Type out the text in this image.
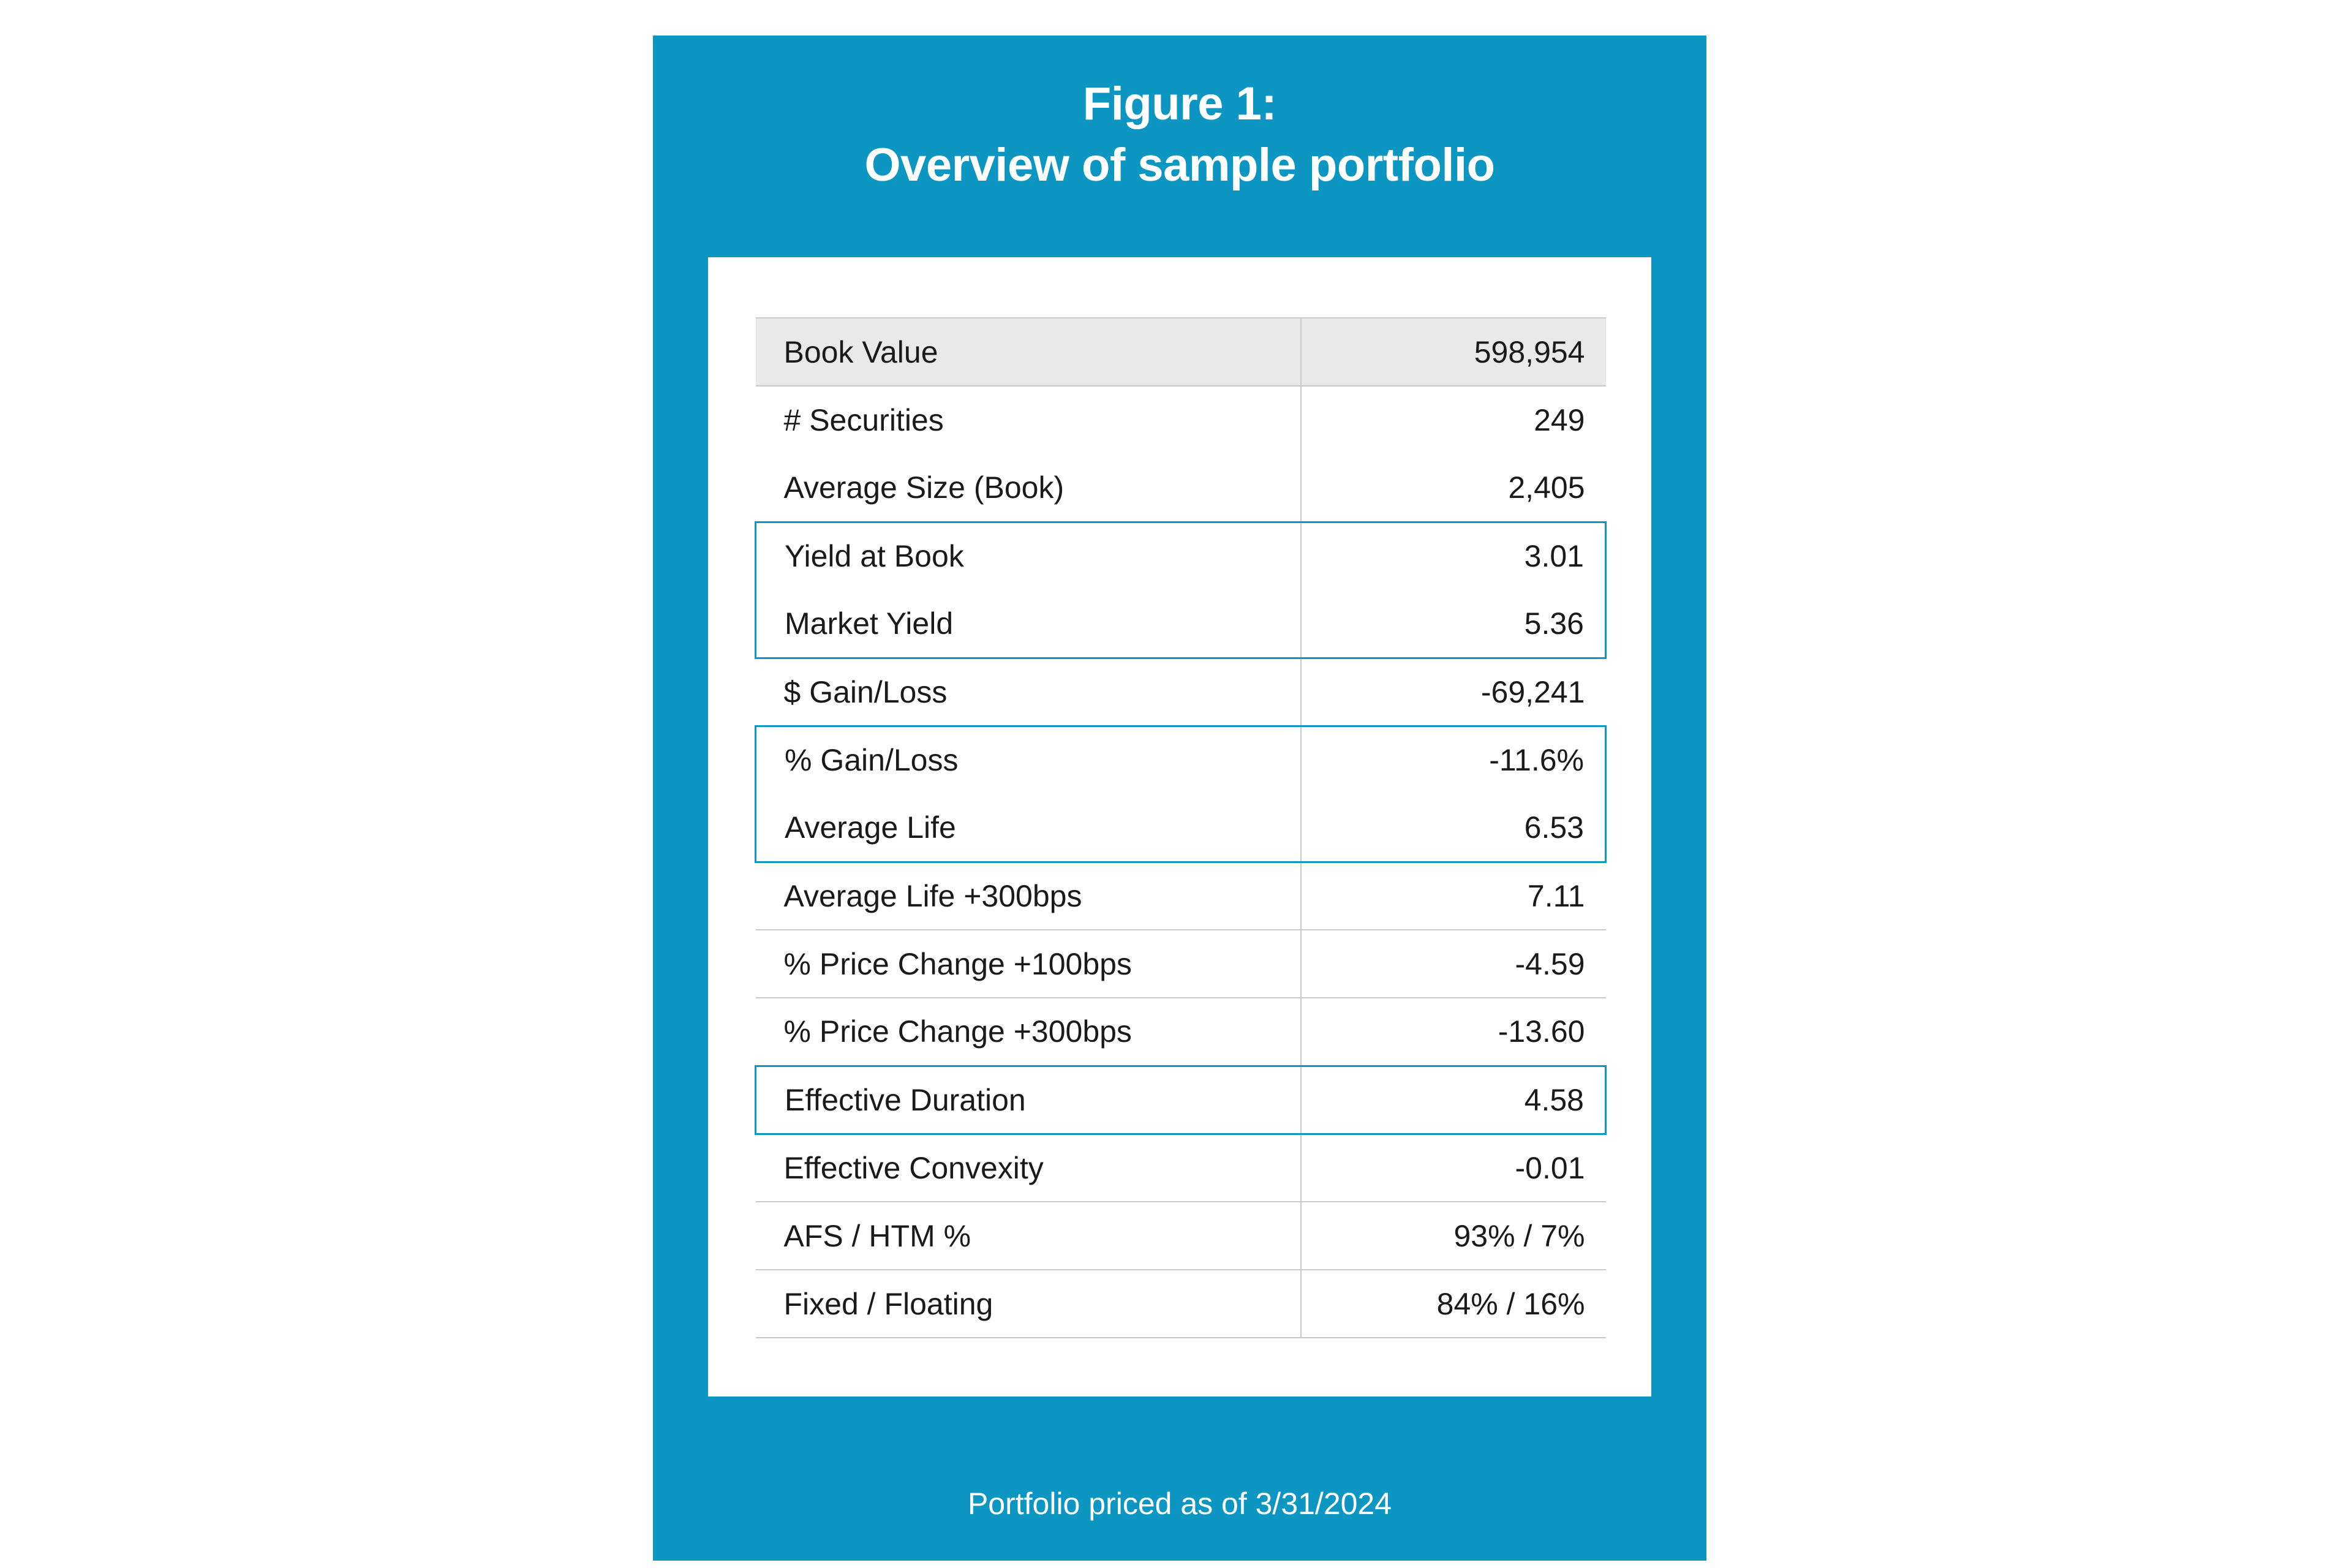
Figure 1:
Overview of sample portfolio
Book Value	598,954
# Securities	249
Average Size (Book)	2,405
Yield at Book	3.01
Market Yield	5.36
$ Gain/Loss	-69,241
% Gain/Loss	-11.6%
Average Life	6.53
Average Life +300bps	7.11
% Price Change +100bps	-4.59
% Price Change +300bps	-13.60
Effective Duration	4.58
Effective Convexity	-0.01
AFS / HTM %	93% / 7%
Fixed / Floating	84% / 16%
Portfolio priced as of 3/31/2024
